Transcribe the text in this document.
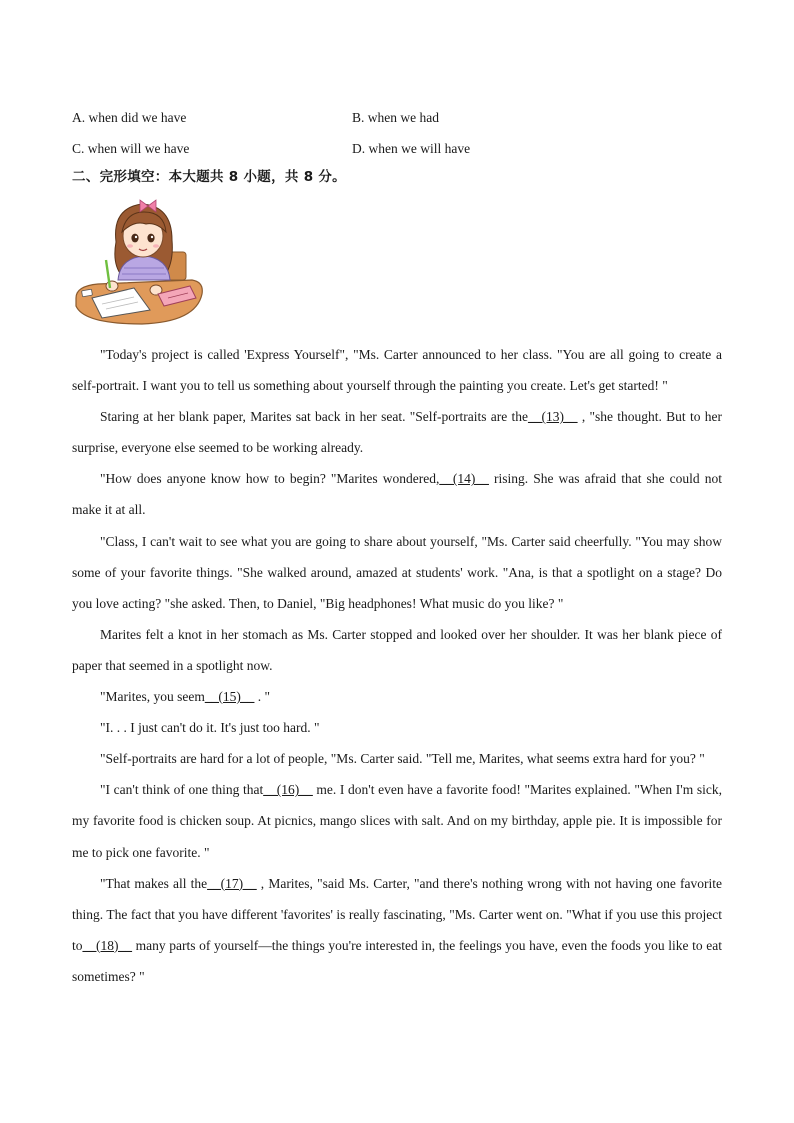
A. when did we have	B. when we had
C. when will we have	D. when we will have
二、完形填空：本大题共 8 小题，共 8 分。

"Today's project is called 'Express Yourself", "Ms. Carter announced to her class. "You are all going to create a self-portrait. I want you to tell us something about yourself through the painting you create. Let's get started! "

Staring at her blank paper, Marites sat back in her seat. "Self-portraits are the__(13)__ , "she thought. But to her surprise, everyone else seemed to be working already.

"How does anyone know how to begin? "Marites wondered,__(14)__ rising. She was afraid that she could not make it at all.

"Class, I can't wait to see what you are going to share about yourself, "Ms. Carter said cheerfully. "You may show some of your favorite things. "She walked around, amazed at students' work. "Ana, is that a spotlight on a stage? Do you love acting? "she asked. Then, to Daniel, "Big headphones! What music do you like? "

Marites felt a knot in her stomach as Ms. Carter stopped and looked over her shoulder. It was her blank piece of paper that seemed in a spotlight now.

"Marites, you seem__(15)__ . "

"I. . . I just can't do it. It's just too hard. "

"Self-portraits are hard for a lot of people, "Ms. Carter said. "Tell me, Marites, what seems extra hard for you? "

"I can't think of one thing that__(16)__ me. I don't even have a favorite food! "Marites explained. "When I'm sick, my favorite food is chicken soup. At picnics, mango slices with salt. And on my birthday, apple pie. It is impossible for me to pick one favorite. "

"That makes all the__(17)__ , Marites, "said Ms. Carter, "and there's nothing wrong with not having one favorite thing. The fact that you have different 'favorites' is really fascinating, "Ms. Carter went on. "What if you use this project to__(18)__ many parts of yourself—the things you're interested in, the feelings you have, even the foods you like to eat sometimes? "
